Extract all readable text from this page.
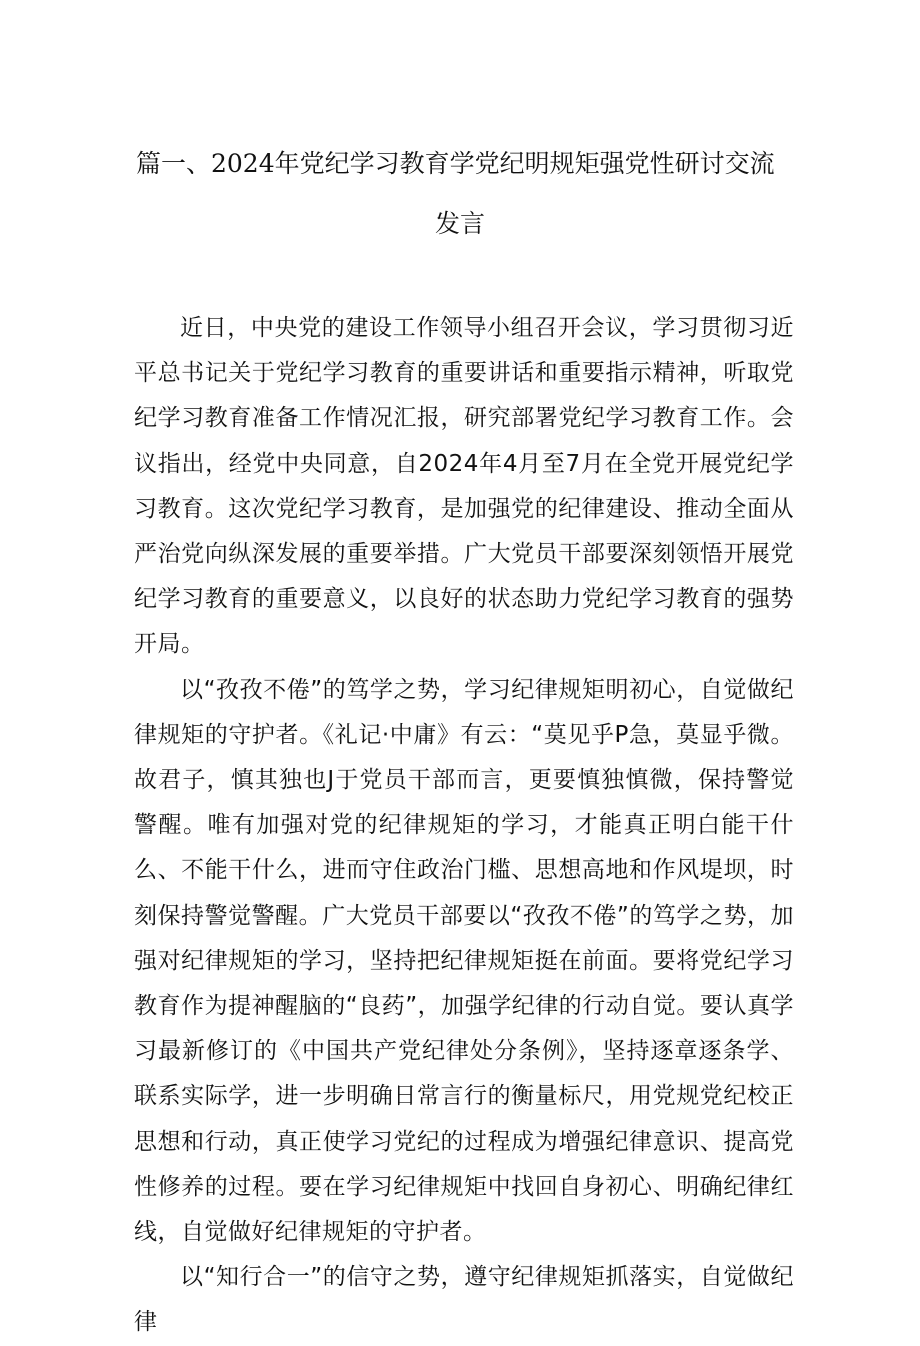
篇一、2024年党纪学习教育学党纪明规矩强党性研讨交流
发言

近日，中央党的建设工作领导小组召开会议，学习贯彻习近平总书记关于党纪学习教育的重要讲话和重要指示精神，听取党纪学习教育准备工作情况汇报，研究部署党纪学习教育工作。会议指出，经党中央同意，自2024年4月至7月在全党开展党纪学习教育。这次党纪学习教育，是加强党的纪律建设、推动全面从严治党向纵深发展的重要举措。广大党员干部要深刻领悟开展党纪学习教育的重要意义，以良好的状态助力党纪学习教育的强势开局。

以“孜孜不倦”的笃学之势，学习纪律规矩明初心，自觉做纪律规矩的守护者。《礼记·中庸》有云：“莫见乎P急，莫显乎微。故君子，慎其独也J于党员干部而言，更要慎独慎微，保持警觉警醒。唯有加强对党的纪律规矩的学习，才能真正明白能干什么、不能干什么，进而守住政治门槛、思想高地和作风堤坝，时刻保持警觉警醒。广大党员干部要以“孜孜不倦”的笃学之势，加强对纪律规矩的学习，坚持把纪律规矩挺在前面。要将党纪学习教育作为提神醒脑的“良药”，加强学纪律的行动自觉。要认真学习最新修订的《中国共产党纪律处分条例》，坚持逐章逐条学、联系实际学，进一步明确日常言行的衡量标尺，用党规党纪校正思想和行动，真正使学习党纪的过程成为增强纪律意识、提高党性修养的过程。要在学习纪律规矩中找回自身初心、明确纪律红线，自觉做好纪律规矩的守护者。

以“知行合一”的信守之势，遵守纪律规矩抓落实，自觉做纪律
